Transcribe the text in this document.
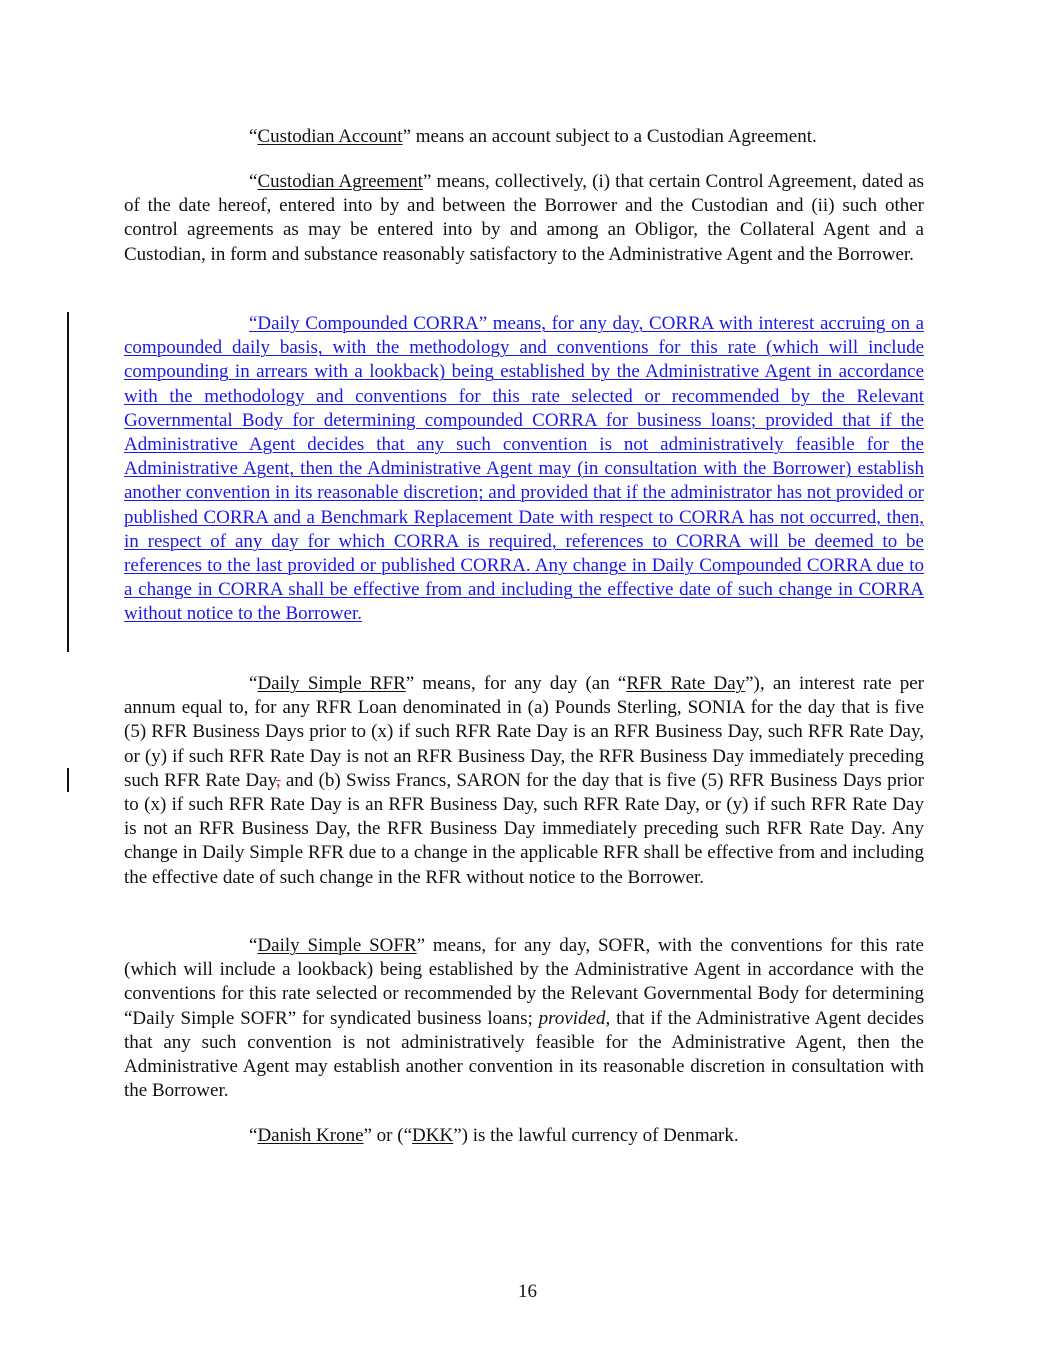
“Custodian Account” means an account subject to a Custodian Agreement.

“Custodian Agreement” means, collectively, (i) that certain Control Agreement, dated as of the date hereof, entered into by and between the Borrower and the Custodian and (ii) such other control agreements as may be entered into by and among an Obligor, the Collateral Agent and a Custodian, in form and substance reasonably satisfactory to the Administrative Agent and the Borrower.

“Daily Compounded CORRA” means, for any day, CORRA with interest accruing on a compounded daily basis, with the methodology and conventions for this rate (which will include compounding in arrears with a lookback) being established by the Administrative Agent in accordance with the methodology and conventions for this rate selected or recommended by the Relevant Governmental Body for determining compounded CORRA for business loans; provided that if the Administrative Agent decides that any such convention is not administratively feasible for the Administrative Agent, then the Administrative Agent may (in consultation with the Borrower) establish another convention in its reasonable discretion; and provided that if the administrator has not provided or published CORRA and a Benchmark Replacement Date with respect to CORRA has not occurred, then, in respect of any day for which CORRA is required, references to CORRA will be deemed to be references to the last provided or published CORRA. Any change in Daily Compounded CORRA due to a change in CORRA shall be effective from and including the effective date of such change in CORRA without notice to the Borrower.

“Daily Simple RFR” means, for any day (an “RFR Rate Day”), an interest rate per annum equal to, for any RFR Loan denominated in (a) Pounds Sterling, SONIA for the day that is five (5) RFR Business Days prior to (x) if such RFR Rate Day is an RFR Business Day, such RFR Rate Day, or (y) if such RFR Rate Day is not an RFR Business Day, the RFR Business Day immediately preceding such RFR Rate Day, and (b) Swiss Francs, SARON for the day that is five (5) RFR Business Days prior to (x) if such RFR Rate Day is an RFR Business Day, such RFR Rate Day, or (y) if such RFR Rate Day is not an RFR Business Day, the RFR Business Day immediately preceding such RFR Rate Day. Any change in Daily Simple RFR due to a change in the applicable RFR shall be effective from and including the effective date of such change in the RFR without notice to the Borrower.

“Daily Simple SOFR” means, for any day, SOFR, with the conventions for this rate (which will include a lookback) being established by the Administrative Agent in accordance with the conventions for this rate selected or recommended by the Relevant Governmental Body for determining “Daily Simple SOFR” for syndicated business loans; provided, that if the Administrative Agent decides that any such convention is not administratively feasible for the Administrative Agent, then the Administrative Agent may establish another convention in its reasonable discretion in consultation with the Borrower.

“Danish Krone” or (“DKK”) is the lawful currency of Denmark.

16
